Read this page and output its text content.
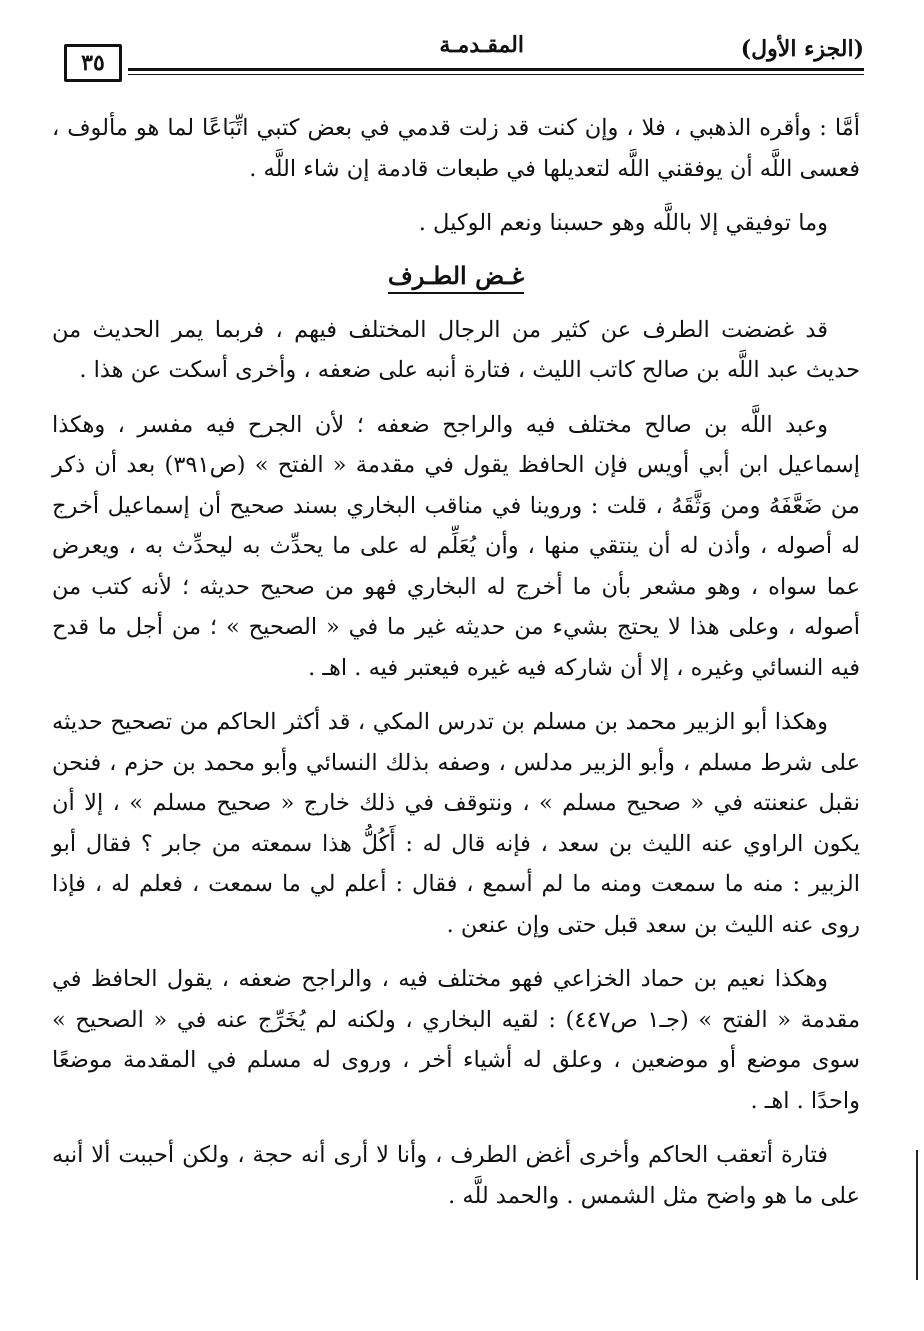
(الجزء الأول)
المقـدمـة
٣٥

أمَّا : وأقره الذهبي ، فلا ، وإن كنت قد زلت قدمي في بعض كتبي اتِّبَاعًا لما هو مألوف ، فعسى اللَّه أن يوفقني اللَّه لتعديلها في طبعات قادمة إن شاء اللَّه .

وما توفيقي إلا باللَّه وهو حسبنا ونعم الوكيل .

غـض الطـرف

قد غضضت الطرف عن كثير من الرجال المختلف فيهم ، فربما يمر الحديث من حديث عبد اللَّه بن صالح كاتب الليث ، فتارة أنبه على ضعفه ، وأخرى أسكت عن هذا .

وعبد اللَّه بن صالح مختلف فيه والراجح ضعفه ؛ لأن الجرح فيه مفسر ، وهكذا إسماعيل ابن أبي أويس فإن الحافظ يقول في مقدمة « الفتح » (ص٣٩١) بعد أن ذكر من ضَعَّفَهُ ومن وَثَّقَهُ ، قلت : وروينا في مناقب البخاري بسند صحيح أن إسماعيل أخرج له أصوله ، وأذن له أن ينتقي منها ، وأن يُعَلِّم له على ما يحدِّث به ليحدِّث به ، ويعرض عما سواه ، وهو مشعر بأن ما أخرج له البخاري فهو من صحيح حديثه ؛ لأنه كتب من أصوله ، وعلى هذا لا يحتج بشيء من حديثه غير ما في « الصحيح » ؛ من أجل ما قدح فيه النسائي وغيره ، إلا أن شاركه فيه غيره فيعتبر فيه . اهـ .

وهكذا أبو الزبير محمد بن مسلم بن تدرس المكي ، قد أكثر الحاكم من تصحيح حديثه على شرط مسلم ، وأبو الزبير مدلس ، وصفه بذلك النسائي وأبو محمد بن حزم ، فنحن نقبل عنعنته في « صحيح مسلم » ، ونتوقف في ذلك خارج « صحيح مسلم » ، إلا أن يكون الراوي عنه الليث بن سعد ، فإنه قال له : أَكُلُّ هذا سمعته من جابر ؟ فقال أبو الزبير : منه ما سمعت ومنه ما لم أسمع ، فقال : أعلم لي ما سمعت ، فعلم له ، فإذا روى عنه الليث بن سعد قبل حتى وإن عنعن .

وهكذا نعيم بن حماد الخزاعي فهو مختلف فيه ، والراجح ضعفه ، يقول الحافظ في مقدمة « الفتح » (جـ١ ص٤٤٧) : لقيه البخاري ، ولكنه لم يُخَرِّج عنه في « الصحيح » سوى موضع أو موضعين ، وعلق له أشياء أخر ، وروى له مسلم في المقدمة موضعًا واحدًا . اهـ .

فتارة أتعقب الحاكم وأخرى أغض الطرف ، وأنا لا أرى أنه حجة ، ولكن أحببت ألا أنبه على ما هو واضح مثل الشمس . والحمد للَّه .
